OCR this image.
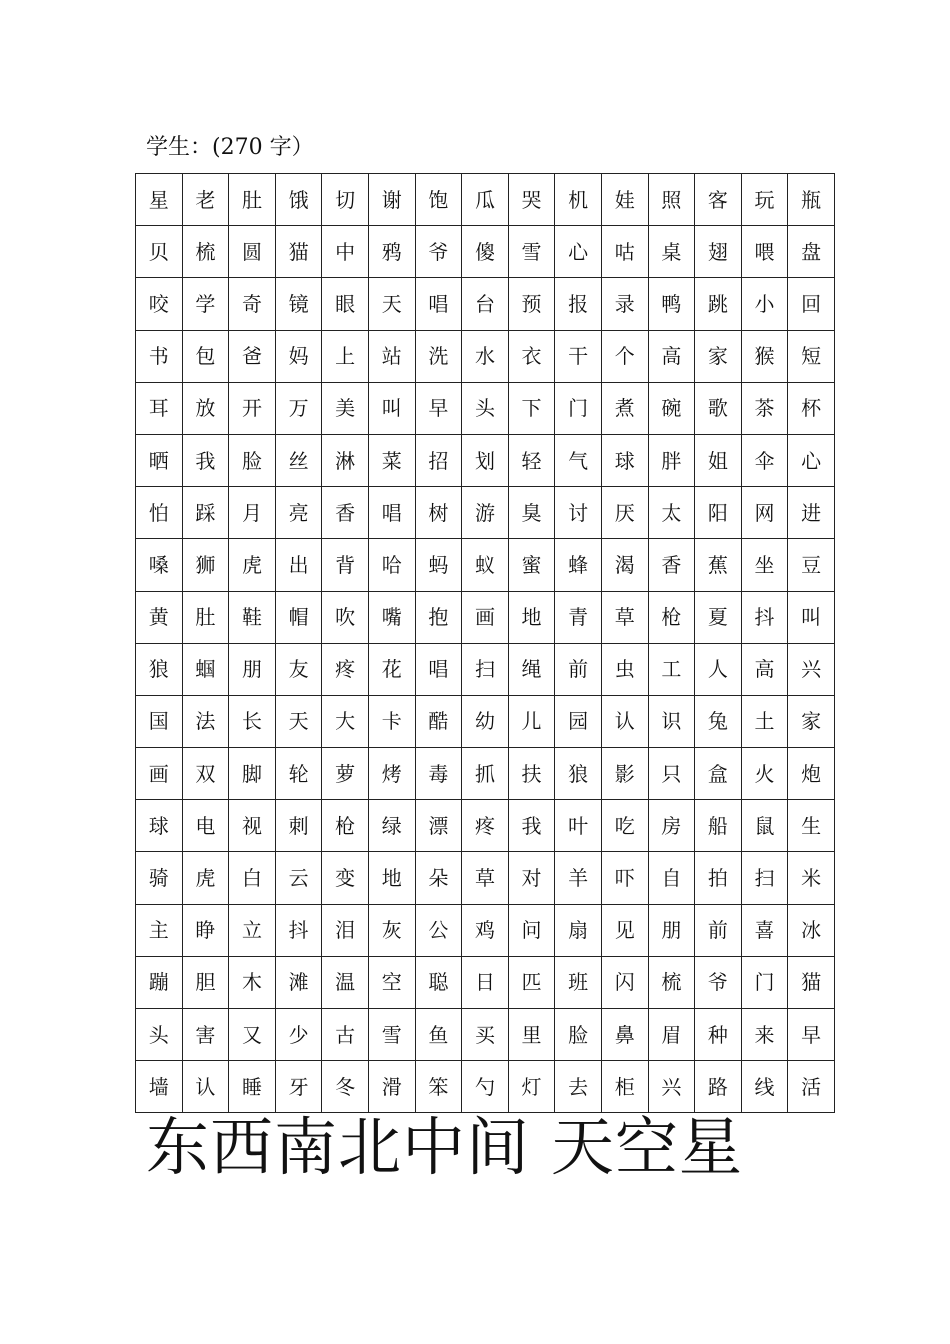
学生：(270 字）
星	老	肚	饿	切	谢	饱	瓜	哭	机	娃	照	客	玩	瓶
贝	梳	圆	猫	中	鸦	爷	傻	雪	心	咕	桌	翅	喂	盘
咬	学	奇	镜	眼	天	唱	台	预	报	录	鸭	跳	小	回
书	包	爸	妈	上	站	洗	水	衣	干	个	高	家	猴	短
耳	放	开	万	美	叫	早	头	下	门	煮	碗	歌	茶	杯
晒	我	脸	丝	淋	菜	招	划	轻	气	球	胖	姐	伞	心
怕	踩	月	亮	香	唱	树	游	臭	讨	厌	太	阳	网	进
嗓	狮	虎	出	背	哈	蚂	蚁	蜜	蜂	渴	香	蕉	坐	豆
黄	肚	鞋	帽	吹	嘴	抱	画	地	青	草	枪	夏	抖	叫
狼	蝈	朋	友	疼	花	唱	扫	绳	前	虫	工	人	高	兴
国	法	长	天	大	卡	酷	幼	儿	园	认	识	兔	土	家
画	双	脚	轮	萝	烤	毒	抓	扶	狼	影	只	盒	火	炮
球	电	视	刺	枪	绿	漂	疼	我	叶	吃	房	船	鼠	生
骑	虎	白	云	变	地	朵	草	对	羊	吓	自	拍	扫	米
主	睁	立	抖	泪	灰	公	鸡	问	扇	见	朋	前	喜	冰
蹦	胆	木	滩	温	空	聪	日	匹	班	闪	梳	爷	门	猫
头	害	又	少	古	雪	鱼	买	里	脸	鼻	眉	种	来	早
墙	认	睡	牙	冬	滑	笨	勺	灯	去	柜	兴	路	线	活
东西南北中间 天空星
